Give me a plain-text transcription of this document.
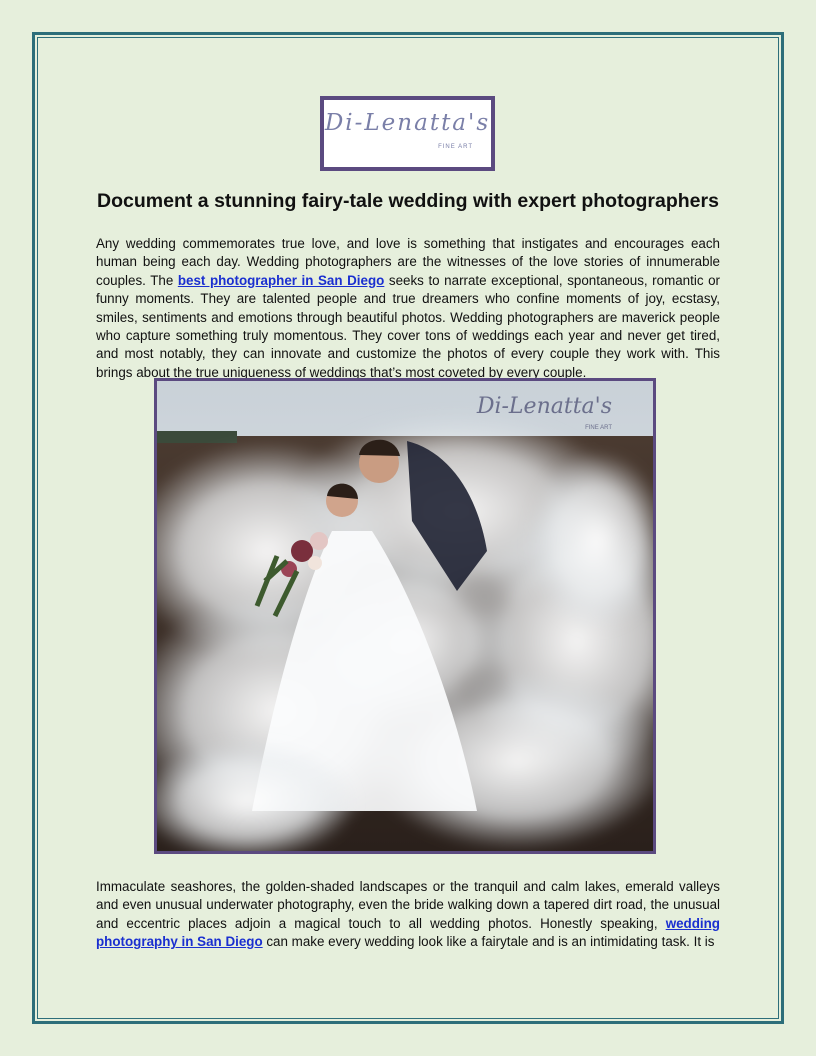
Di-Lenatta's
FINE ART
Document a stunning fairy-tale wedding with expert photographers

Any wedding commemorates true love, and love is something that instigates and encourages each human being each day. Wedding photographers are the witnesses of the love stories of innumerable couples. The best photographer in San Diego seeks to narrate exceptional, spontaneous, romantic or funny moments. They are talented people and true dreamers who confine moments of joy, ecstasy, smiles, sentiments and emotions through beautiful photos. Wedding photographers are maverick people who capture something truly momentous. They cover tons of weddings each year and never get tired, and most notably, they can innovate and customize the photos of every couple they work with. This brings about the true uniqueness of weddings that’s most coveted by every couple.

Di-Lenatta's
FINE ART

Immaculate seashores, the golden-shaded landscapes or the tranquil and calm lakes, emerald valleys and even unusual underwater photography, even the bride walking down a tapered dirt road, the unusual and eccentric places adjoin a magical touch to all wedding photos. Honestly speaking, wedding photography in San Diego can make every wedding look like a fairytale and is an intimidating task. It is
